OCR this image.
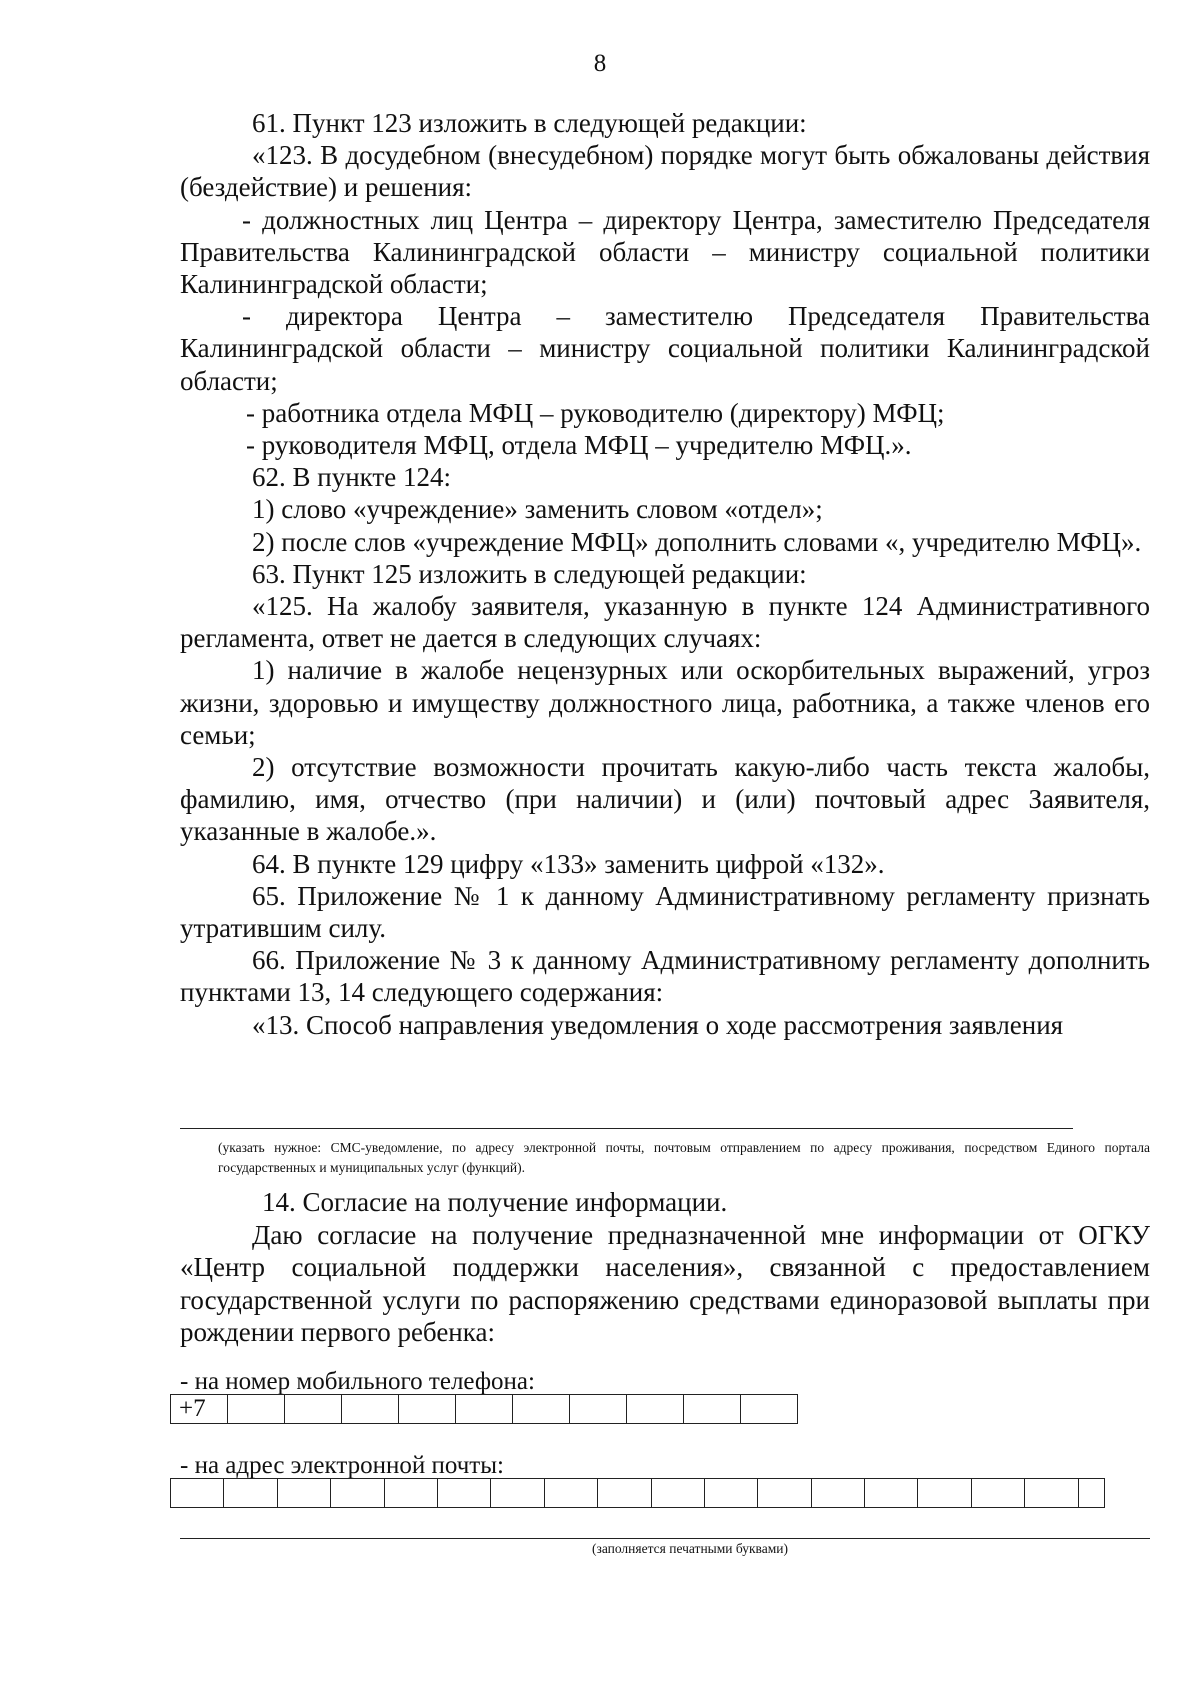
8

61. Пункт 123 изложить в следующей редакции:

«123. В досудебном (внесудебном) порядке могут быть обжалованы действия (бездействие) и решения:

- должностных лиц Центра – директору Центра, заместителю Председателя Правительства Калининградской области – министру социальной политики Калининградской области;

- директора Центра – заместителю Председателя Правительства Калининградской области – министру социальной политики Калининградской области;

- работника отдела МФЦ – руководителю (директору) МФЦ;

- руководителя МФЦ, отдела МФЦ – учредителю МФЦ.».

62. В пункте 124:

1) слово «учреждение» заменить словом «отдел»;

2) после слов «учреждение МФЦ» дополнить словами «, учредителю МФЦ».

63. Пункт 125 изложить в следующей редакции:

«125. На жалобу заявителя, указанную в пункте 124 Административного регламента, ответ не дается в следующих случаях:

1) наличие в жалобе нецензурных или оскорбительных выражений, угроз жизни, здоровью и имуществу должностного лица, работника, а также членов его семьи;

2) отсутствие возможности прочитать какую-либо часть текста жалобы, фамилию, имя, отчество (при наличии) и (или) почтовый адрес Заявителя, указанные в жалобе.».

64. В пункте 129 цифру «133» заменить цифрой «132».

65. Приложение № 1 к данному Административному регламенту признать утратившим силу.

66. Приложение № 3 к данному Административному регламенту дополнить пунктами 13, 14 следующего содержания:

«13. Способ направления уведомления о ходе рассмотрения заявления

(указать нужное: СМС-уведомление, по адресу электронной почты, почтовым отправлением по адресу проживания, посредством Единого портала государственных и муниципальных услуг (функций).

14. Согласие на получение информации.

Даю согласие на получение предназначенной мне информации от ОГКУ «Центр социальной поддержки населения», связанной с предоставлением государственной услуги по распоряжению средствами единоразовой выплаты при рождении первого ребенка:

- на номер мобильного телефона:
+7
- на адрес электронной почты:
(заполняется печатными буквами)
